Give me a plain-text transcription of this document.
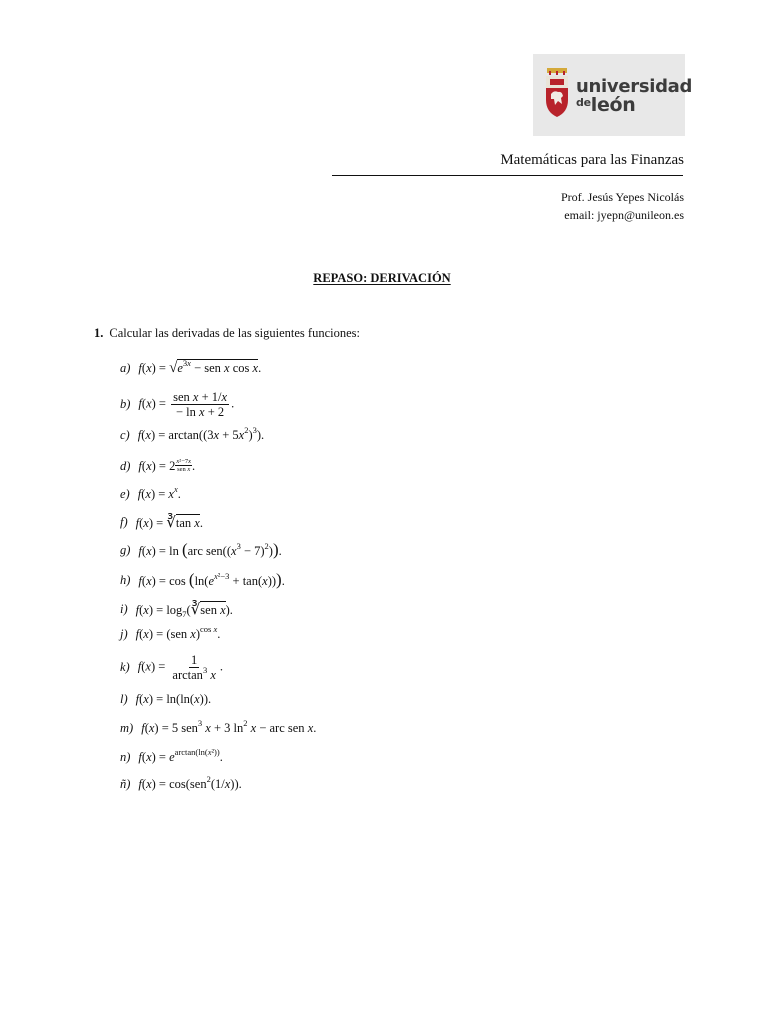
universidad
$^{de}$león
Matemáticas para las Finanzas
Prof. Jesús Yepes Nicolás
email: jyepn@unileon.es
REPASO: DERIVACIÓN
1. Calcular las derivadas de las siguientes funciones:
a) $f(x) = √e^{3x}$ − sen x cos x.
b) $f(x) = \frac{\text{sen x + 1/x}}{\text{− ln x + 2}}$ .
c) $f(x) = \arctan((3x + 5x^2)^3)$.
d) $f(x) = 2 \frac{\text{x²−7x}}{\text{sen x}}$ .
e) $f(x) = x^x$.
f) f(x) = ∛tan x.
g) f(x) = ln (arc $sen((x^3 - 7)^2)$).
h) $f(x) = \cos (\ln(e^{x^2-3} + \tan(x)))$.
i) $f(x) = \log_7(∛sen$ x).
j) f(x) = (sen x)$^{cos x}$.
k) $f(x) = \frac{1}{\arctan^3 x}$ .
l) f(x) = ln(ln(x)).
m) f(x) = 5 sen$^3$ x + 3 $\ln^2 x$ − arc sen x.
n) $f(x) = e^{arctan(ln(x^2))}$.
ñ) f(x) = cos(sen$^2$(1/x)).
